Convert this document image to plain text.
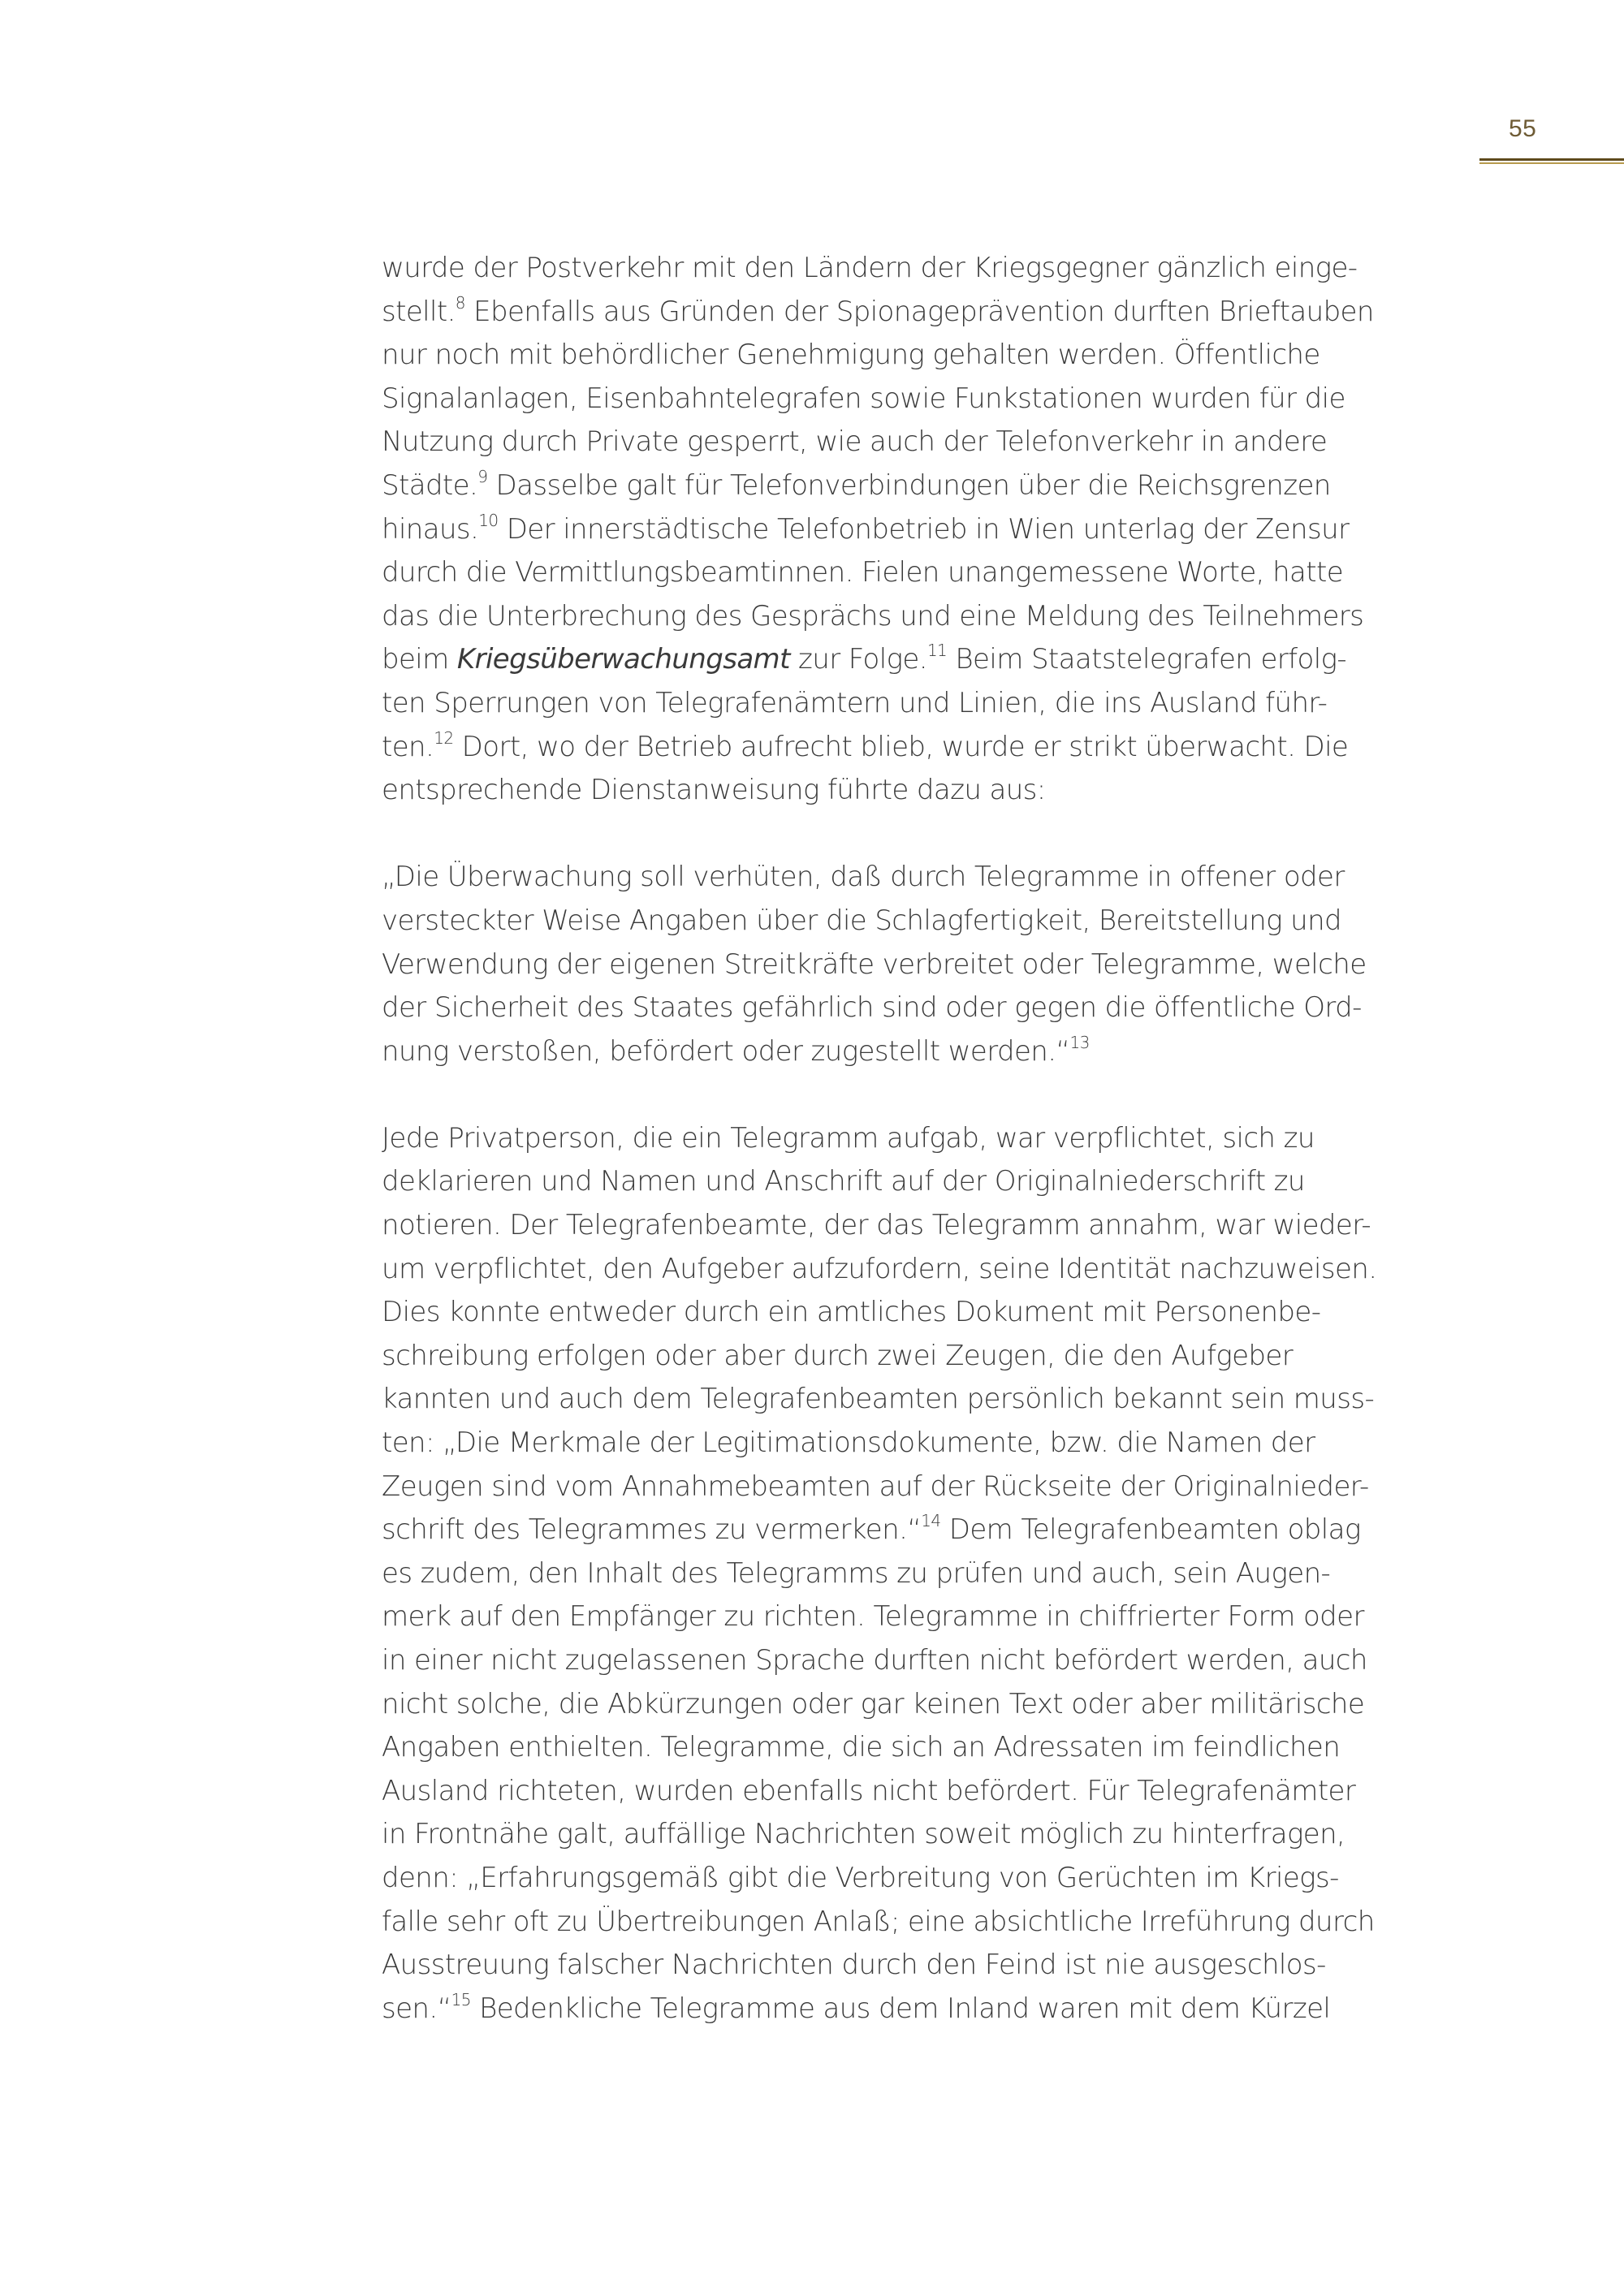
55
wurde der Postverkehr mit den Ländern der Kriegsgegner gänzlich einge-
stellt.$^8$ Ebenfalls aus Gründen der Spionageprävention durften Brieftauben
nur noch mit behördlicher Genehmigung gehalten werden. Öffentliche
Signalanlagen, Eisenbahntelegrafen sowie Funkstationen wurden für die
Nutzung durch Private gesperrt, wie auch der Telefonverkehr in andere
Städte.$^9$ Dasselbe galt für Telefonverbindungen über die Reichsgrenzen
hinaus.$^{10}$ Der innerstädtische Telefonbetrieb in Wien unterlag der Zensur
durch die Vermittlungsbeamtinnen. Fielen unangemessene Worte, hatte
das die Unterbrechung des Gesprächs und eine Meldung des Teilnehmers
beim Kriegsüberwachungsamt zur Folge.$^{11}$ Beim Staatstelegrafen erfolg-
ten Sperrungen von Telegrafenämtern und Linien, die ins Ausland führ-
ten.$^{12}$ Dort, wo der Betrieb aufrecht blieb, wurde er strikt überwacht. Die
entsprechende Dienstanweisung führte dazu aus:
„Die Überwachung soll verhüten, daß durch Telegramme in offener oder
versteckter Weise Angaben über die Schlagfertigkeit, Bereitstellung und
Verwendung der eigenen Streitkräfte verbreitet oder Telegramme, welche
der Sicherheit des Staates gefährlich sind oder gegen die öffentliche Ord-
nung verstoßen, befördert oder zugestellt werden.“$^{13}$
Jede Privatperson, die ein Telegramm aufgab, war verpflichtet, sich zu
deklarieren und Namen und Anschrift auf der Originalniederschrift zu
notieren. Der Telegrafenbeamte, der das Telegramm annahm, war wieder-
um verpflichtet, den Aufgeber aufzufordern, seine Identität nachzuweisen.
Dies konnte entweder durch ein amtliches Dokument mit Personenbe-
schreibung erfolgen oder aber durch zwei Zeugen, die den Aufgeber
kannten und auch dem Telegrafenbeamten persönlich bekannt sein muss-
ten: „Die Merkmale der Legitimationsdokumente, bzw. die Namen der
Zeugen sind vom Annahmebeamten auf der Rückseite der Originalnieder-
schrift des Telegrammes zu vermerken.“$^{14}$ Dem Telegrafenbeamten oblag
es zudem, den Inhalt des Telegramms zu prüfen und auch, sein Augen-
merk auf den Empfänger zu richten. Telegramme in chiffrierter Form oder
in einer nicht zugelassenen Sprache durften nicht befördert werden, auch
nicht solche, die Abkürzungen oder gar keinen Text oder aber militärische
Angaben enthielten. Telegramme, die sich an Adressaten im feindlichen
Ausland richteten, wurden ebenfalls nicht befördert. Für Telegrafenämter
in Frontnähe galt, auffällige Nachrichten soweit möglich zu hinterfragen,
denn: „Erfahrungsgemäß gibt die Verbreitung von Gerüchten im Kriegs-
falle sehr oft zu Übertreibungen Anlaß; eine absichtliche Irreführung durch
Ausstreuung falscher Nachrichten durch den Feind ist nie ausgeschlos-
sen.“$^{15}$ Bedenkliche Telegramme aus dem Inland waren mit dem Kürzel
